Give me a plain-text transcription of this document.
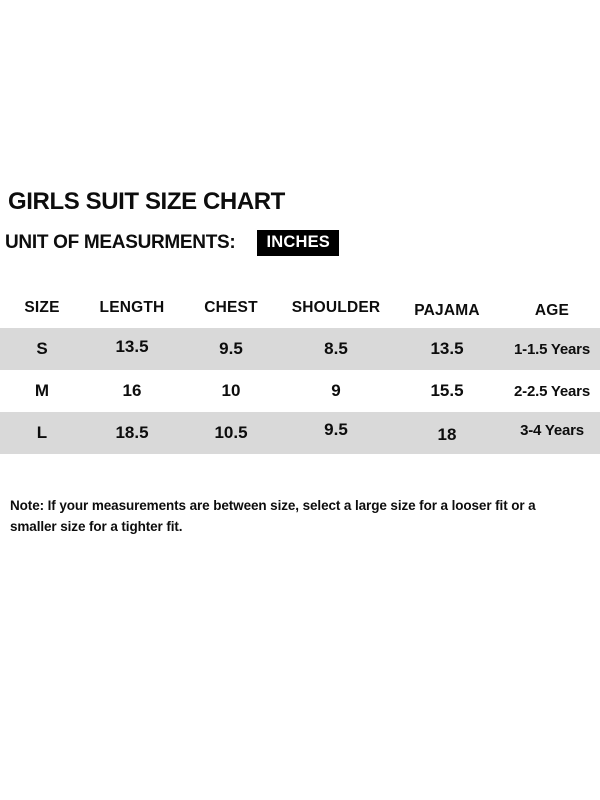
GIRLS SUIT SIZE CHART
UNIT OF MEASURMENTS:	INCHES
SIZE	LENGTH	CHEST	SHOULDER	PAJAMA	AGE
S	13.5	9.5	8.5	13.5	1-1.5 Years
M	16	10	9	15.5	2-2.5 Years
L	18.5	10.5	9.5	18	3-4 Years

Note: If your measurements are between size, select a large size for a looser fit or a smaller size for a tighter fit.
